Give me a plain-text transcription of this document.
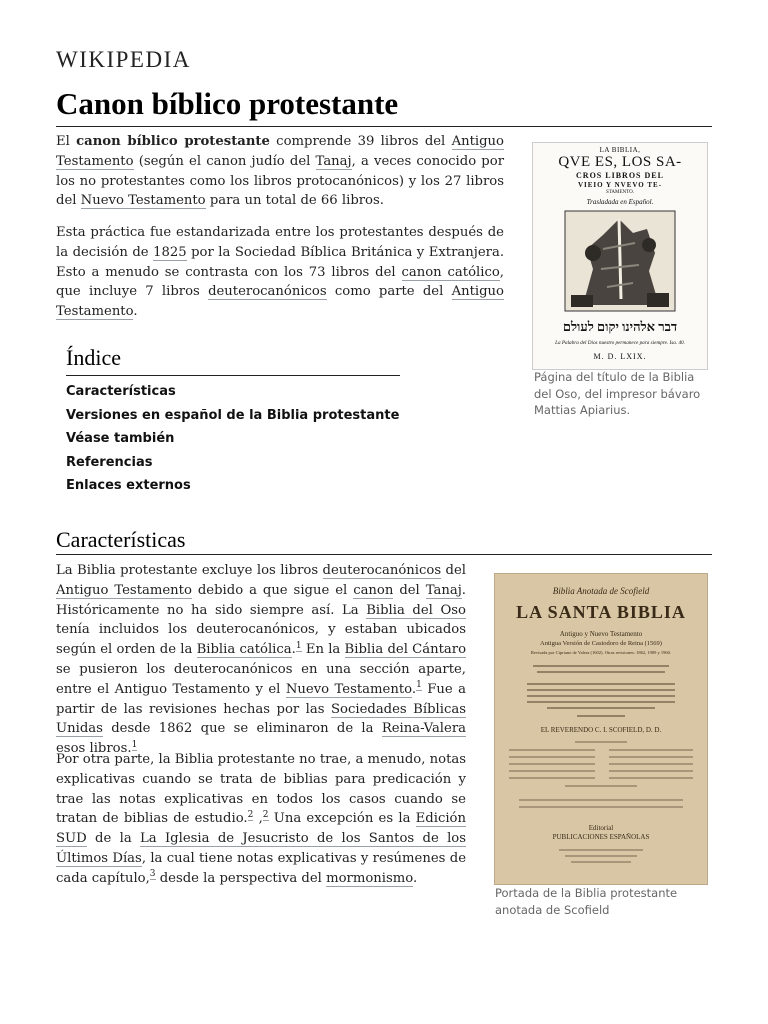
WIKIPEDIA
Canon bíblico protestante

El canon bíblico protestante comprende 39 libros del Antiguo Testamento (según el canon judío del Tanaj, a veces conocido por los no protestantes como los libros protocanónicos) y los 27 libros del Nuevo Testamento para un total de 66 libros.

Esta práctica fue estandarizada entre los protestantes después de la decisión de 1825 por la Sociedad Bíblica Británica y Extranjera. Esto a menudo se contrasta con los 73 libros del canon católico, que incluye 7 libros deuterocanónicos como parte del Antiguo Testamento.

Índice
Características
Versiones en español de la Biblia protestante
Véase también
Referencias
Enlaces externos
LA BIBLIA,
QVE ES, LOS SA-
CROS LIBROS DEL
VIEIO Y NVEVO TE-
STAMENTO.
Trasladada en Español.
דבר אלהינו יקום לעולם
La Palabra del Dios nuestro permanece para siempre. Isa. 40.
M. D. LXIX.
Página del título de la Biblia del Oso, del impresor bávaro Mattias Apiarius.
Características

La Biblia protestante excluye los libros deuterocanónicos del Antiguo Testamento debido a que sigue el canon del Tanaj. Históricamente no ha sido siempre así. La Biblia del Oso tenía incluidos los deuterocanónicos, y estaban ubicados según el orden de la Biblia católica.$^1$ En la Biblia del Cántaro se pusieron los deuterocanónicos en una sección aparte, entre el Antiguo Testamento y el Nuevo Testamento.$^1$ Fue a partir de las revisiones hechas por las Sociedades Bíblicas Unidas desde 1862 que se eliminaron de la Reina-Valera esos libros.$^1$

Por otra parte, la Biblia protestante no trae, a menudo, notas explicativas cuando se trata de biblias para predicación y trae las notas explicativas en todos los casos cuando se tratan de biblias de estudio.$^2$ ,$^2$ Una excepción es la Edición SUD de la La Iglesia de Jesucristo de los Santos de los Últimos Días, la cual tiene notas explicativas y resúmenes de cada capítulo,$^3$ desde la perspectiva del mormonismo.

Biblia Anotada de Scofield
LA SANTA BIBLIA
Antiguo y Nuevo Testamento
Antigua Versión de Casiodoro de Reina (1569)
Revisada por Cipriano de Valera (1602). Otras revisiones: 1862, 1909 y 1960.
EL REVERENDO C. I. SCOFIELD, D. D.
Editorial
PUBLICACIONES ESPAÑOLAS
Portada de la Biblia protestante anotada de Scofield
